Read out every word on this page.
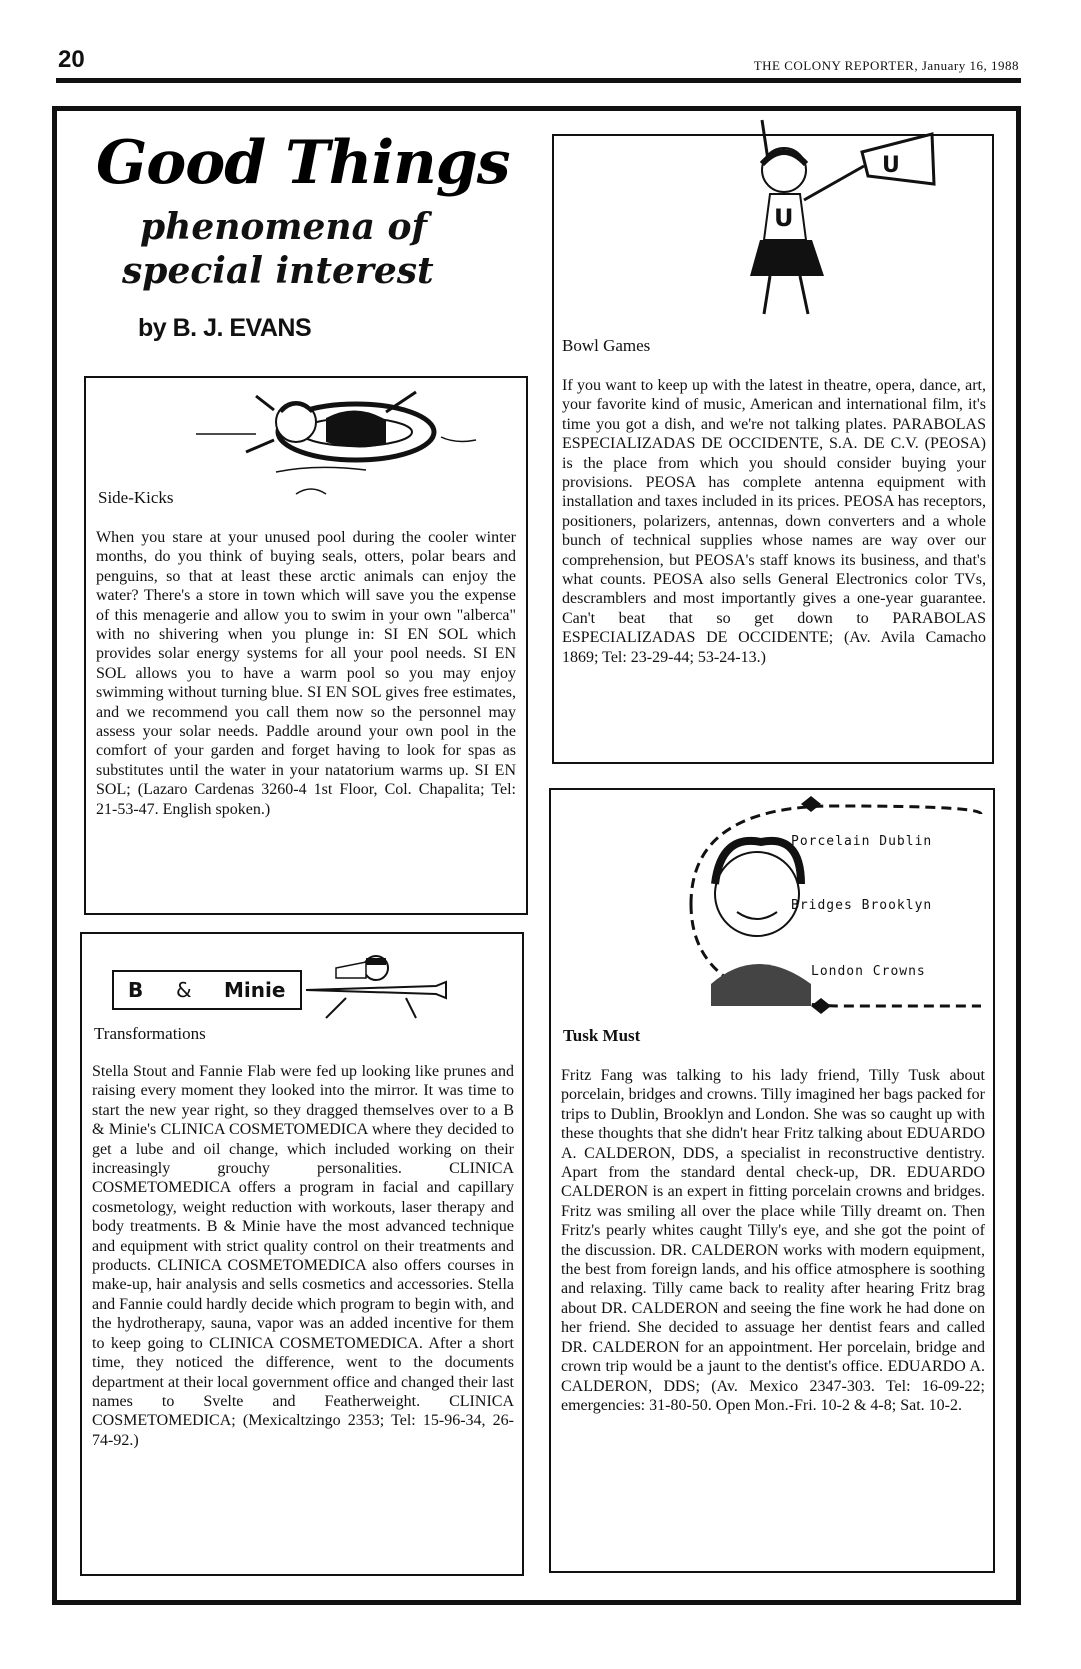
20	THE COLONY REPORTER, January 16, 1988
Good Things
phenomena of
special interest
by B. J. EVANS
Side-Kicks
When you stare at your unused pool during the cooler winter months, do you think of buying seals, otters, polar bears and penguins, so that at least these arctic animals can enjoy the water? There's a store in town which will save you the expense of this menagerie and allow you to swim in your own "alberca" with no shivering when you plunge in: SI EN SOL which provides solar energy systems for all your pool needs. SI EN SOL allows you to have a warm pool so you may enjoy swimming without turning blue. SI EN SOL gives free estimates, and we recommend you call them now so the personnel may assess your solar needs. Paddle around your own pool in the comfort of your garden and forget having to look for spas as substitutes until the water in your natatorium warms up. SI EN SOL; (Lazaro Cardenas 3260-4 1st Floor, Col. Chapalita; Tel: 21-53-47. English spoken.)
U
U
Bowl Games
If you want to keep up with the latest in theatre, opera, dance, art, your favorite kind of music, American and international film, it's time you got a dish, and we're not talking plates. PARABOLAS ESPECIALIZADAS DE OCCIDENTE, S.A. DE C.V. (PEOSA) is the place from which you should consider buying your provisions. PEOSA has complete antenna equipment with installation and taxes included in its prices. PEOSA has receptors, positioners, polarizers, antennas, down converters and a whole bunch of technical supplies whose names are way over our comprehension, but PEOSA's staff knows its business, and that's what counts. PEOSA also sells General Electronics color TVs, descramblers and most importantly gives a one-year guarantee. Can't beat that so get down to PARABOLAS ESPECIALIZADAS DE OCCIDENTE; (Av. Avila Camacho 1869; Tel: 23-29-44; 53-24-13.)
B & Minie
Transformations
Stella Stout and Fannie Flab were fed up looking like prunes and raising every moment they looked into the mirror. It was time to start the new year right, so they dragged themselves over to a B & Minie's CLINICA COSMETOMEDICA where they decided to get a lube and oil change, which included working on their increasingly grouchy personalities. CLINICA COSMETOMEDICA offers a program in facial and capillary cosmetology, weight reduction with workouts, laser therapy and body treatments. B & Minie have the most advanced technique and equipment with strict quality control on their treatments and products. CLINICA COSMETOMEDICA also offers courses in make-up, hair analysis and sells cosmetics and accessories. Stella and Fannie could hardly decide which program to begin with, and the hydrotherapy, sauna, vapor was an added incentive for them to keep going to CLINICA COSMETOMEDICA. After a short time, they noticed the difference, went to the documents department at their local government office and changed their last names to Svelte and Featherweight. CLINICA COSMETOMEDICA; (Mexicaltzingo 2353; Tel: 15-96-34, 26-74-92.)
Porcelain Dublin
Bridges Brooklyn
London Crowns
Tusk Must
Fritz Fang was talking to his lady friend, Tilly Tusk about porcelain, bridges and crowns. Tilly imagined her bags packed for trips to Dublin, Brooklyn and London. She was so caught up with these thoughts that she didn't hear Fritz talking about EDUARDO A. CALDERON, DDS, a specialist in reconstructive dentistry. Apart from the standard dental check-up, DR. EDUARDO CALDERON is an expert in fitting porcelain crowns and bridges. Fritz was smiling all over the place while Tilly dreamt on. Then Fritz's pearly whites caught Tilly's eye, and she got the point of the discussion. DR. CALDERON works with modern equipment, the best from foreign lands, and his office atmosphere is soothing and relaxing. Tilly came back to reality after hearing Fritz brag about DR. CALDERON and seeing the fine work he had done on her friend. She decided to assuage her dentist fears and called DR. CALDERON for an appointment. Her porcelain, bridge and crown trip would be a jaunt to the dentist's office. EDUARDO A. CALDERON, DDS; (Av. Mexico 2347-303. Tel: 16-09-22; emergencies: 31-80-50. Open Mon.-Fri. 10-2 & 4-8; Sat. 10-2.
